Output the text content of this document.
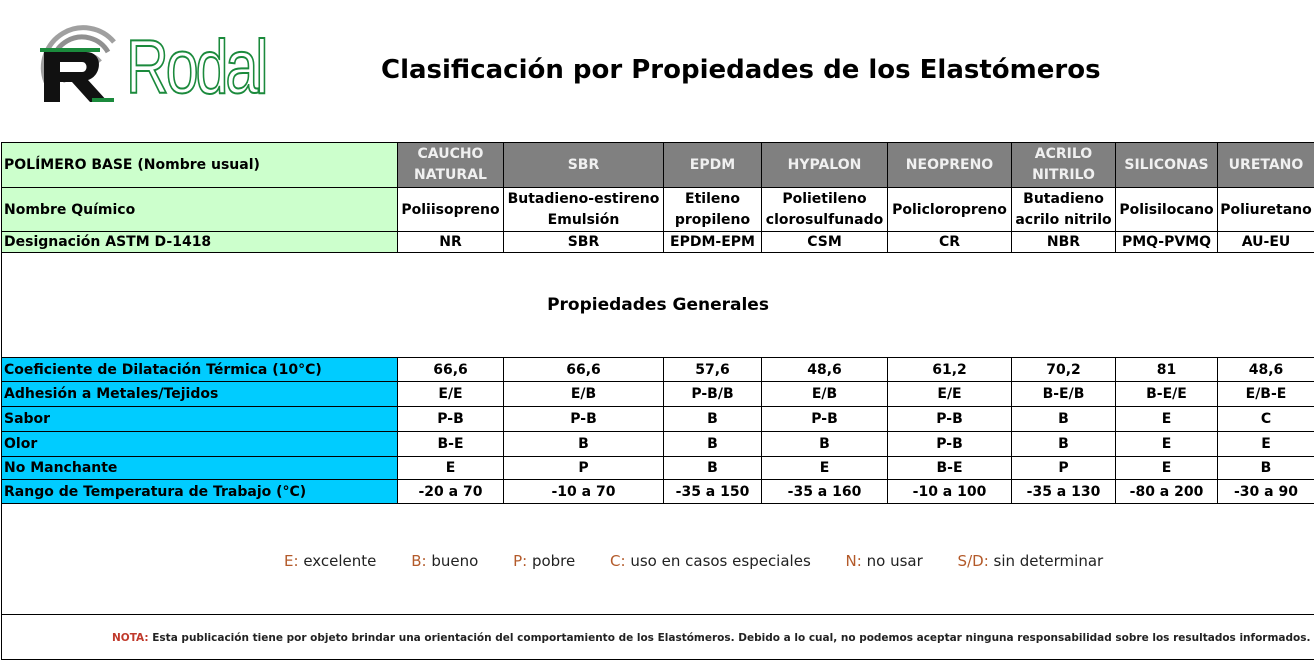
Rodal	Clasificación por Propiedades de los Elastómeros
POLÍMERO BASE (Nombre usual)	CAUCHO NATURAL	SBR	EPDM	HYPALON	NEOPRENO	ACRILO NITRILO	SILICONAS	URETANO
Nombre Químico	Poliisopreno	Butadieno-estireno Emulsión	Etileno propileno	Polietileno clorosulfunado	Policloropreno	Butadieno acrilo nitrilo	Polisilocano	Poliuretano
Designación ASTM D-1418	NR	SBR	EPDM-EPM	CSM	CR	NBR	PMQ-PVMQ	AU-EU
Propiedades Generales								
Coeficiente de Dilatación Térmica (10°C)	66,6	66,6	57,6	48,6	61,2	70,2	81	48,6
Adhesión a Metales/Tejidos	E/E	E/B	P-B/B	E/B	E/E	B-E/B	B-E/E	E/B-E
Sabor	P-B	P-B	B	P-B	P-B	B	E	C
Olor	B-E	B	B	B	P-B	B	E	E
No Manchante	E	P	B	E	B-E	P	E	B
Rango de Temperatura de Trabajo (°C)	-20 a 70	-10 a 70	-35 a 150	-35 a 160	-10 a 100	-35 a 130	-80 a 200	-30 a 90

E: excelente B: bueno P: pobre C: uso en casos especiales N: no usar S/D: sin determinar
NOTA: Esta publicación tiene por objeto brindar una orientación del comportamiento de los Elastómeros. Debido a lo cual, no podemos aceptar ninguna responsabilidad sobre los resultados informados.
